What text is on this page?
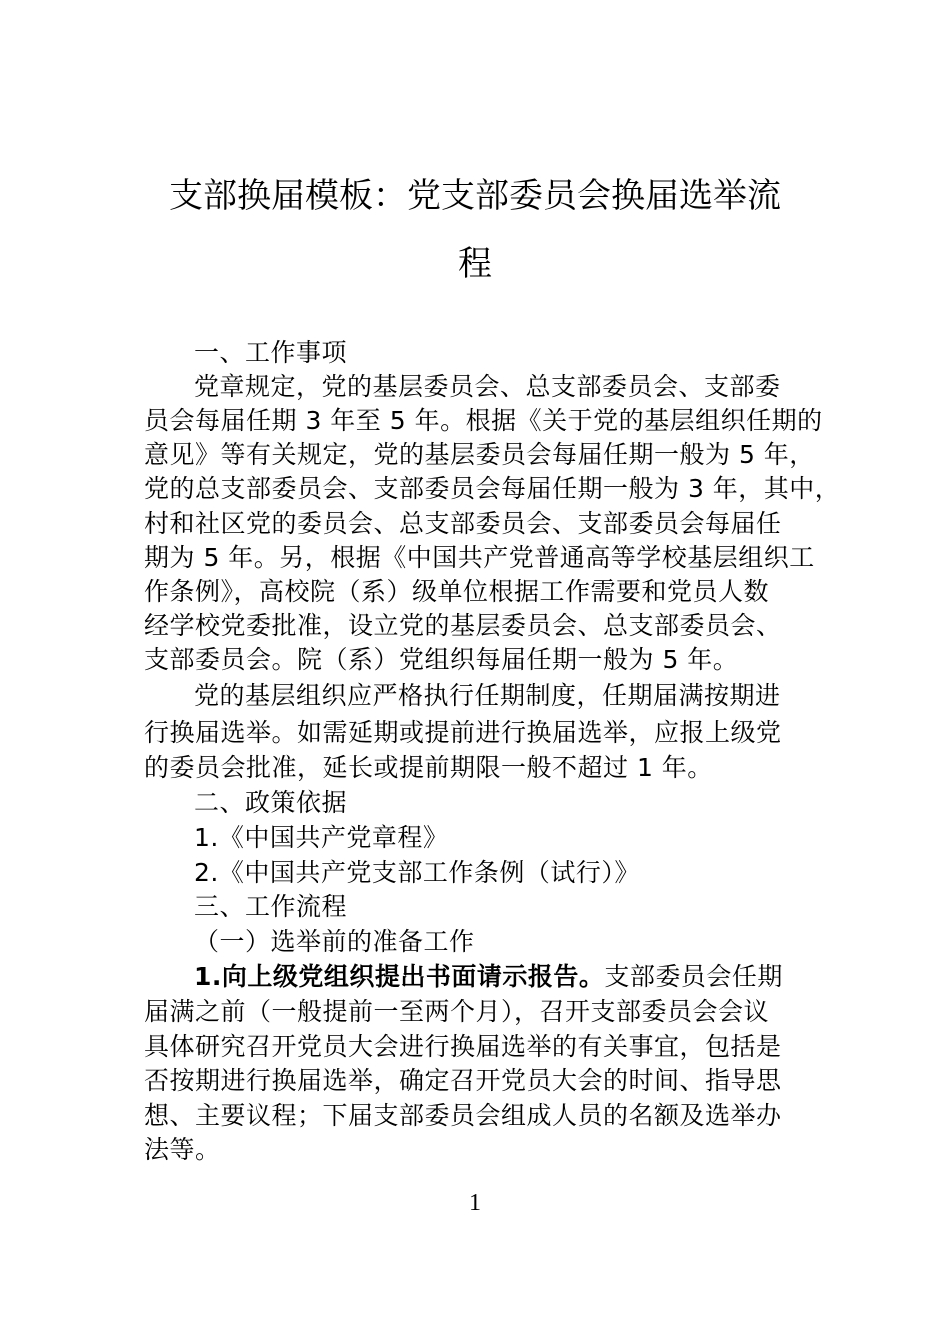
支部换届模板：党支部委员会换届选举流
程
一、工作事项
党章规定，党的基层委员会、总支部委员会、支部委
员会每届任期 3 年至 5 年。根据《关于党的基层组织任期的
意见》等有关规定，党的基层委员会每届任期一般为 5 年，
党的总支部委员会、支部委员会每届任期一般为 3 年，其中，
村和社区党的委员会、总支部委员会、支部委员会每届任
期为 5 年。另，根据《中国共产党普通高等学校基层组织工
作条例》，高校院（系）级单位根据工作需要和党员人数
经学校党委批准，设立党的基层委员会、总支部委员会、
支部委员会。院（系）党组织每届任期一般为 5 年。
党的基层组织应严格执行任期制度，任期届满按期进
行换届选举。如需延期或提前进行换届选举，应报上级党
的委员会批准，延长或提前期限一般不超过 1 年。
二、政策依据
1.《中国共产党章程》
2.《中国共产党支部工作条例（试行）》
三、工作流程
（一）选举前的准备工作
1.向上级党组织提出书面请示报告。支部委员会任期
届满之前（一般提前一至两个月），召开支部委员会会议
具体研究召开党员大会进行换届选举的有关事宜，包括是
否按期进行换届选举，确定召开党员大会的时间、指导思
想、主要议程；下届支部委员会组成人员的名额及选举办
法等。
1
